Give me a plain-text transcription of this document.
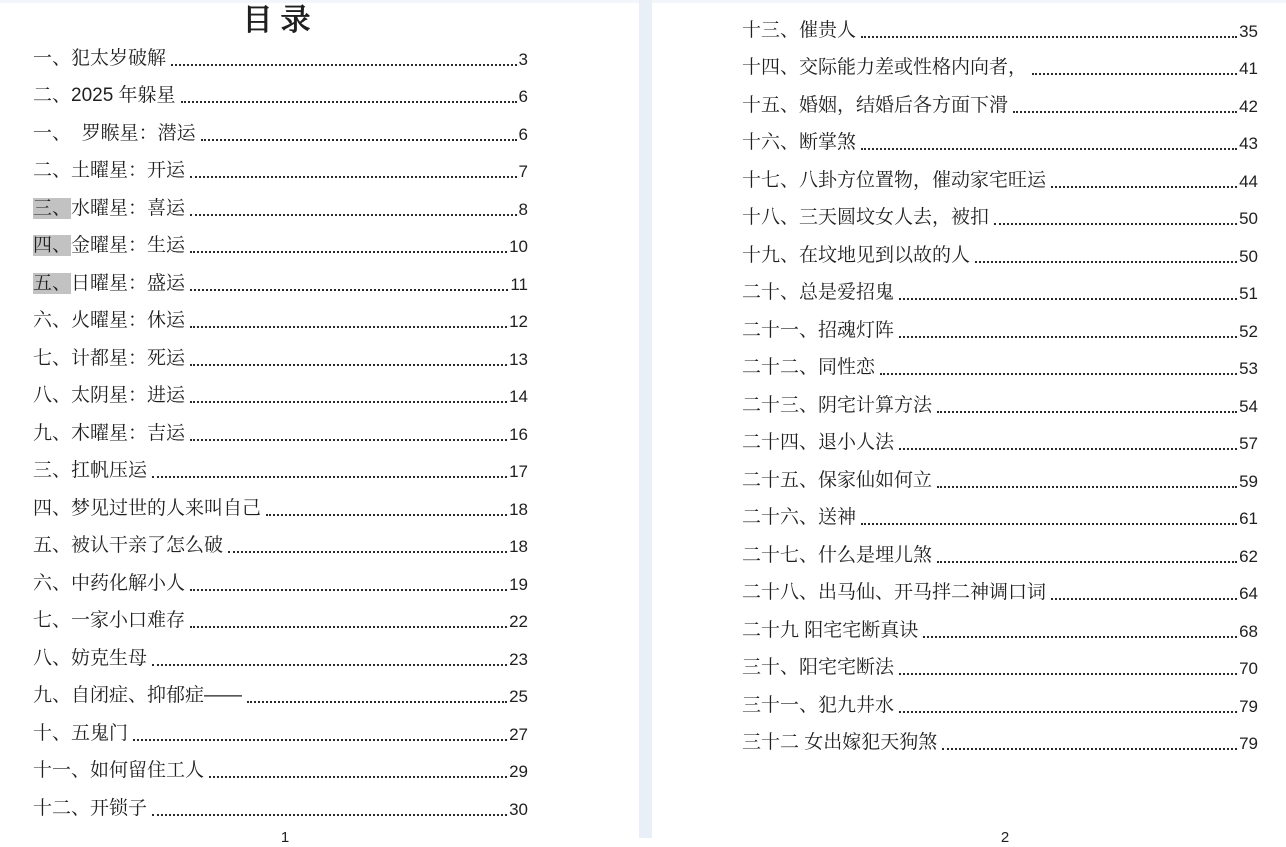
目录
一、 犯太岁破解	3
二、 2025 年躲星	6
一、 罗睺星：潜运	6
二、 土曜星：开运	7
三、 水曜星：喜运	8
四、 金曜星：生运	10
五、 日曜星：盛运	11
六、 火曜星：休运	12
七、 计都星：死运	13
八、 太阴星：进运	14
九、 木曜星：吉运	16
三、 扛帆压运	17
四、 梦见过世的人来叫自己	18
五、 被认干亲了怎么破	18
六、 中药化解小人	19
七、 一家小口难存	22
八、 妨克生母	23
九、 自闭症、抑郁症——	25
十、 五鬼门	27
十一、 如何留住工人	29
十二、 开锁子	30
十三、 催贵人	35
十四、 交际能力差或性格内向者，	41
十五、 婚姻，结婚后各方面下滑	42
十六、 断掌煞	43
十七、 八卦方位置物，催动家宅旺运	44
十八、 三天圆坟女人去，被扣	50
十九、 在坟地见到以故的人	50
二十、 总是爱招鬼	51
二十一、 招魂灯阵	52
二十二、 同性恋	53
二十三、 阴宅计算方法	54
二十四、 退小人法	57
二十五、 保家仙如何立	59
二十六、 送神	61
二十七、 什么是埋儿煞	62
二十八、 出马仙、开马拌二神调口词	64
二十九 阳宅宅断真诀	68
三十、 阳宅宅断法	70
三十一、 犯九井水	79
三十二 女出嫁犯天狗煞	79
1	2
